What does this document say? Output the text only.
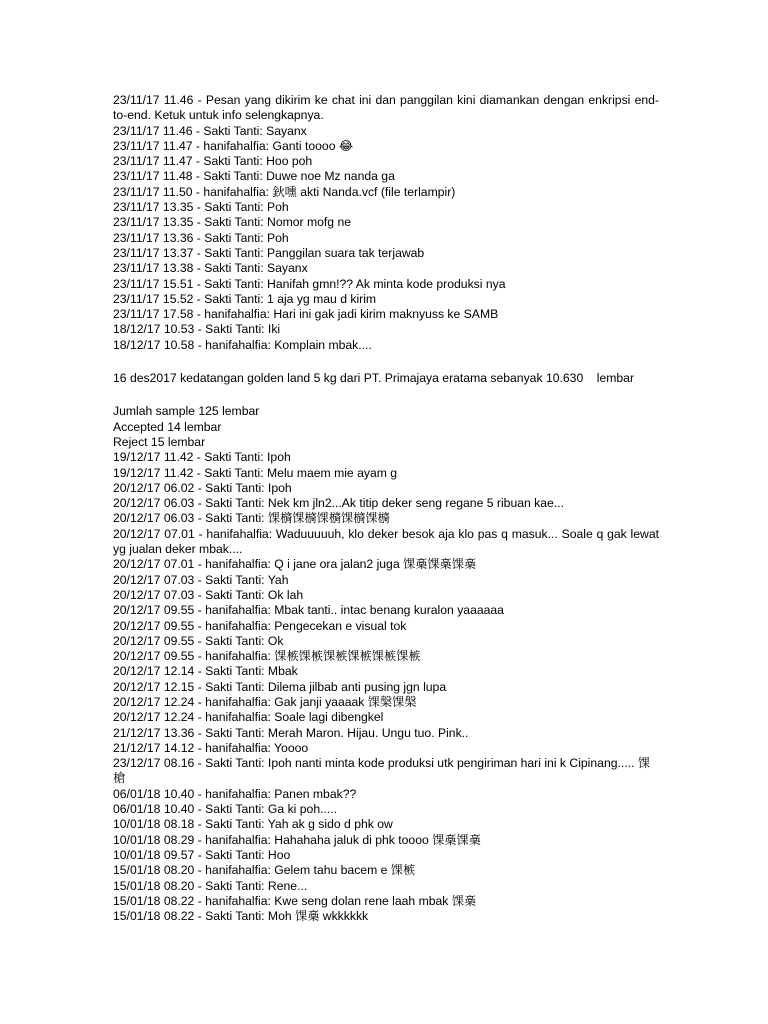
23/11/17 11.46 - Pesan yang dikirim ke chat ini dan panggilan kini diamankan dengan enkripsi end-to-end. Ketuk untuk info selengkapnya.
23/11/17 11.46 - Sakti Tanti: Sayanx
23/11/17 11.47 - hanifahalfia: Ganti toooo 😂
23/11/17 11.47 - Sakti Tanti: Hoo poh
23/11/17 11.48 - Sakti Tanti: Duwe noe Mz nanda ga
23/11/17 11.50 - hanifahalfia: 鈥嚑 akti Nanda.vcf (file terlampir)
23/11/17 13.35 - Sakti Tanti: Poh
23/11/17 13.35 - Sakti Tanti: Nomor mofg ne
23/11/17 13.36 - Sakti Tanti: Poh
23/11/17 13.37 - Sakti Tanti: Panggilan suara tak terjawab
23/11/17 13.38 - Sakti Tanti: Sayanx
23/11/17 15.51 - Sakti Tanti: Hanifah gmn!?? Ak minta kode produksi nya
23/11/17 15.52 - Sakti Tanti: 1 aja yg mau d kirim
23/11/17 17.58 - hanifahalfia: Hari ini gak jadi kirim maknyuss ke SAMB
18/12/17 10.53 - Sakti Tanti: Iki
18/12/17 10.58 - hanifahalfia: Komplain mbak....
16 des2017 kedatangan golden land 5 kg dari PT. Primajaya eratama sebanyak 10.630    lembar
Jumlah sample 125 lembar
Accepted 14 lembar
Reject 15 lembar
19/12/17 11.42 - Sakti Tanti: Ipoh
19/12/17 11.42 - Sakti Tanti: Melu maem mie ayam g
20/12/17 06.02 - Sakti Tanti: Ipoh
20/12/17 06.03 - Sakti Tanti: Nek km jln2...Ak titip deker seng regane 5 ribuan kae...
20/12/17 06.03 - Sakti Tanti: 馃檹馃檹馃檹馃檹馃檹
20/12/17 07.01 - hanifahalfia: Waduuuuuh, klo deker besok aja klo pas q masuk... Soale q gak lewat yg jualan deker mbak....
20/12/17 07.01 - hanifahalfia: Q i jane ora jalan2 juga 馃槀馃槀馃槀
20/12/17 07.03 - Sakti Tanti: Yah
20/12/17 07.03 - Sakti Tanti: Ok lah
20/12/17 09.55 - hanifahalfia: Mbak tanti.. intac benang kuralon yaaaaaa
20/12/17 09.55 - hanifahalfia: Pengecekan e visual tok
20/12/17 09.55 - Sakti Tanti: Ok
20/12/17 09.55 - hanifahalfia: 馃槉馃槉馃槉馃槉馃槉馃槉
20/12/17 12.14 - Sakti Tanti: Mbak
20/12/17 12.15 - Sakti Tanti: Dilema jilbab anti pusing jgn lupa
20/12/17 12.24 - hanifahalfia: Gak janji yaaaak 馃槃馃槃
20/12/17 12.24 - hanifahalfia: Soale lagi dibengkel
21/12/17 13.36 - Sakti Tanti: Merah Maron. Hijau. Ungu tuo. Pink..
21/12/17 14.12 - hanifahalfia: Yoooo
23/12/17 08.16 - Sakti Tanti: Ipoh nanti minta kode produksi utk pengiriman hari ini k Cipinang..... 馃槍
06/01/18 10.40 - hanifahalfia: Panen mbak??
06/01/18 10.40 - Sakti Tanti: Ga ki poh.....
10/01/18 08.18 - Sakti Tanti: Yah ak g sido d phk ow
10/01/18 08.29 - hanifahalfia: Hahahaha jaluk di phk toooo 馃槀馃槀
10/01/18 09.57 - Sakti Tanti: Hoo
15/01/18 08.20 - hanifahalfia: Gelem tahu bacem e 馃槉
15/01/18 08.20 - Sakti Tanti: Rene...
15/01/18 08.22 - hanifahalfia: Kwe seng dolan rene laah mbak 馃槀
15/01/18 08.22 - Sakti Tanti: Moh 馃槀 wkkkkkk
